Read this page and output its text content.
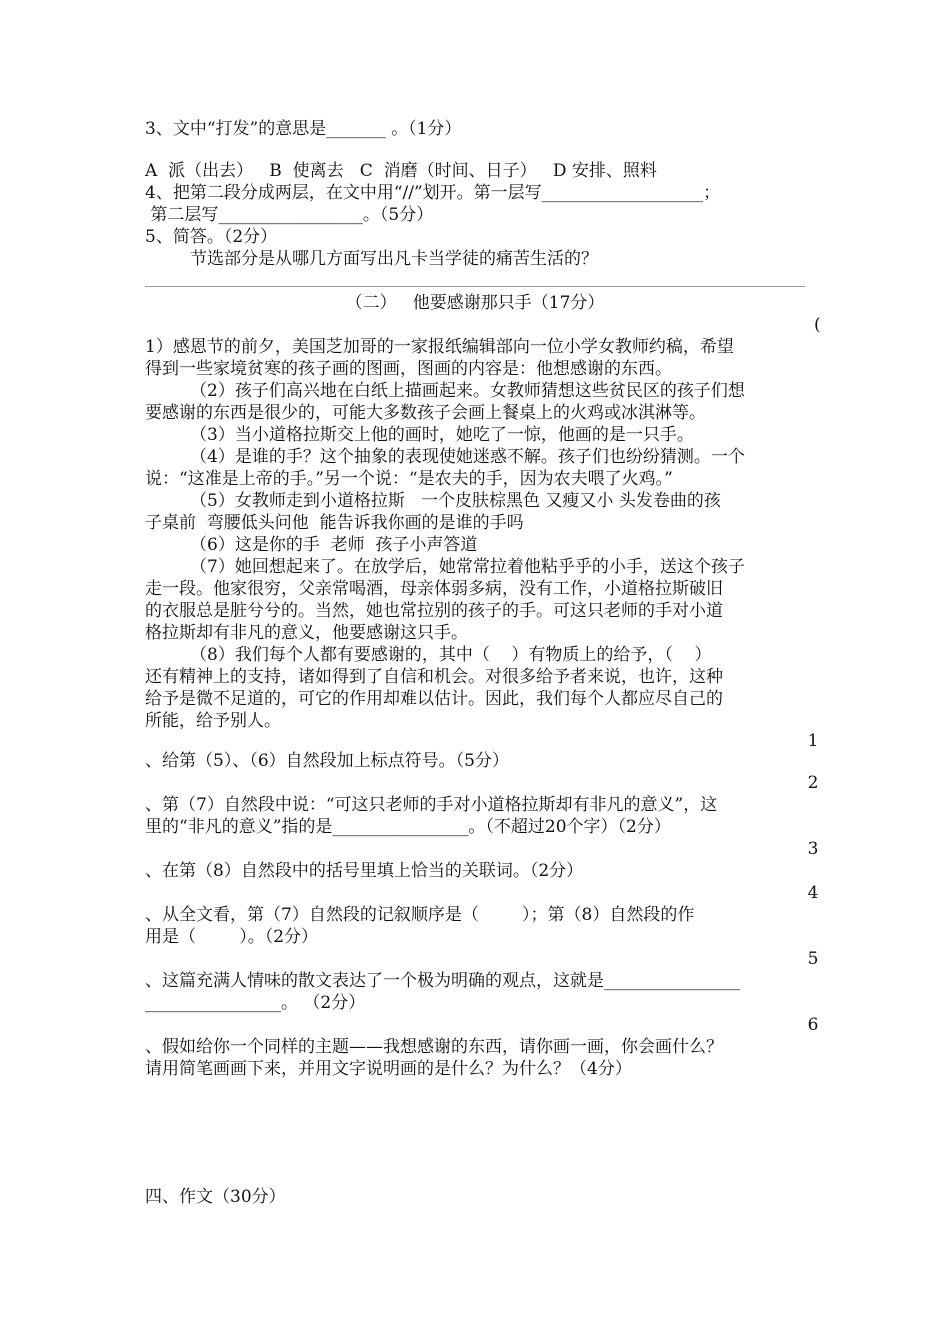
3、文中“打发”的意思是_______ 。（1分）
A  派（出去）   B  使离去   C  消磨（时间、日子）   D 安排、照料
4、把第二段分成两层，在文中用“//”划开。第一层写___________________；
第二层写_________________。（5分）
5、简答。（2分）
节选部分是从哪几方面写出凡卡当学徒的痛苦生活的？
（二）   他要感谢那只手（17分）
(
1）感恩节的前夕，美国芝加哥的一家报纸编辑部向一位小学女教师约稿，希望
得到一些家境贫寒的孩子画的图画，图画的内容是：他想感谢的东西。
（2）孩子们高兴地在白纸上描画起来。女教师猜想这些贫民区的孩子们想
要感谢的东西是很少的，可能大多数孩子会画上餐桌上的火鸡或冰淇淋等。
（3）当小道格拉斯交上他的画时，她吃了一惊，他画的是一只手。
（4）是谁的手？这个抽象的表现使她迷惑不解。孩子们也纷纷猜测。一个
说：“这准是上帝的手。”另一个说：“是农夫的手，因为农夫喂了火鸡。”
（5）女教师走到小道格拉斯   一个皮肤棕黑色 又瘦又小 头发卷曲的孩
子桌前  弯腰低头问他  能告诉我你画的是谁的手吗
（6）这是你的手  老师  孩子小声答道
（7）她回想起来了。在放学后，她常常拉着他粘乎乎的小手，送这个孩子
走一段。他家很穷，父亲常喝酒，母亲体弱多病，没有工作，小道格拉斯破旧
的衣服总是脏兮兮的。当然，她也常拉别的孩子的手。可这只老师的手对小道
格拉斯却有非凡的意义，他要感谢这只手。
（8）我们每个人都有要感谢的，其中（    ）有物质上的给予，（    ）
还有精神上的支持，诸如得到了自信和机会。对很多给予者来说，也许，这种
给予是微不足道的，可它的作用却难以估计。因此，我们每个人都应尽自己的
所能，给予别人。
1
、给第（5）、（6）自然段加上标点符号。（5分）
2
、第（7）自然段中说：“可这只老师的手对小道格拉斯却有非凡的意义”，这
里的“非凡的意义”指的是________________。（不超过20个字）（2分）
3
、在第（8）自然段中的括号里填上恰当的关联词。（2分）
4
、从全文看，第（7）自然段的记叙顺序是（        ）；第（8）自然段的作
用是（        ）。（2分）
5
、这篇充满人情味的散文表达了一个极为明确的观点，这就是________________
________________。 （2分）
6
、假如给你一个同样的主题——我想感谢的东西，请你画一画，你会画什么？
请用简笔画画下来，并用文字说明画的是什么？为什么？（4分）
四、作文（30分）
